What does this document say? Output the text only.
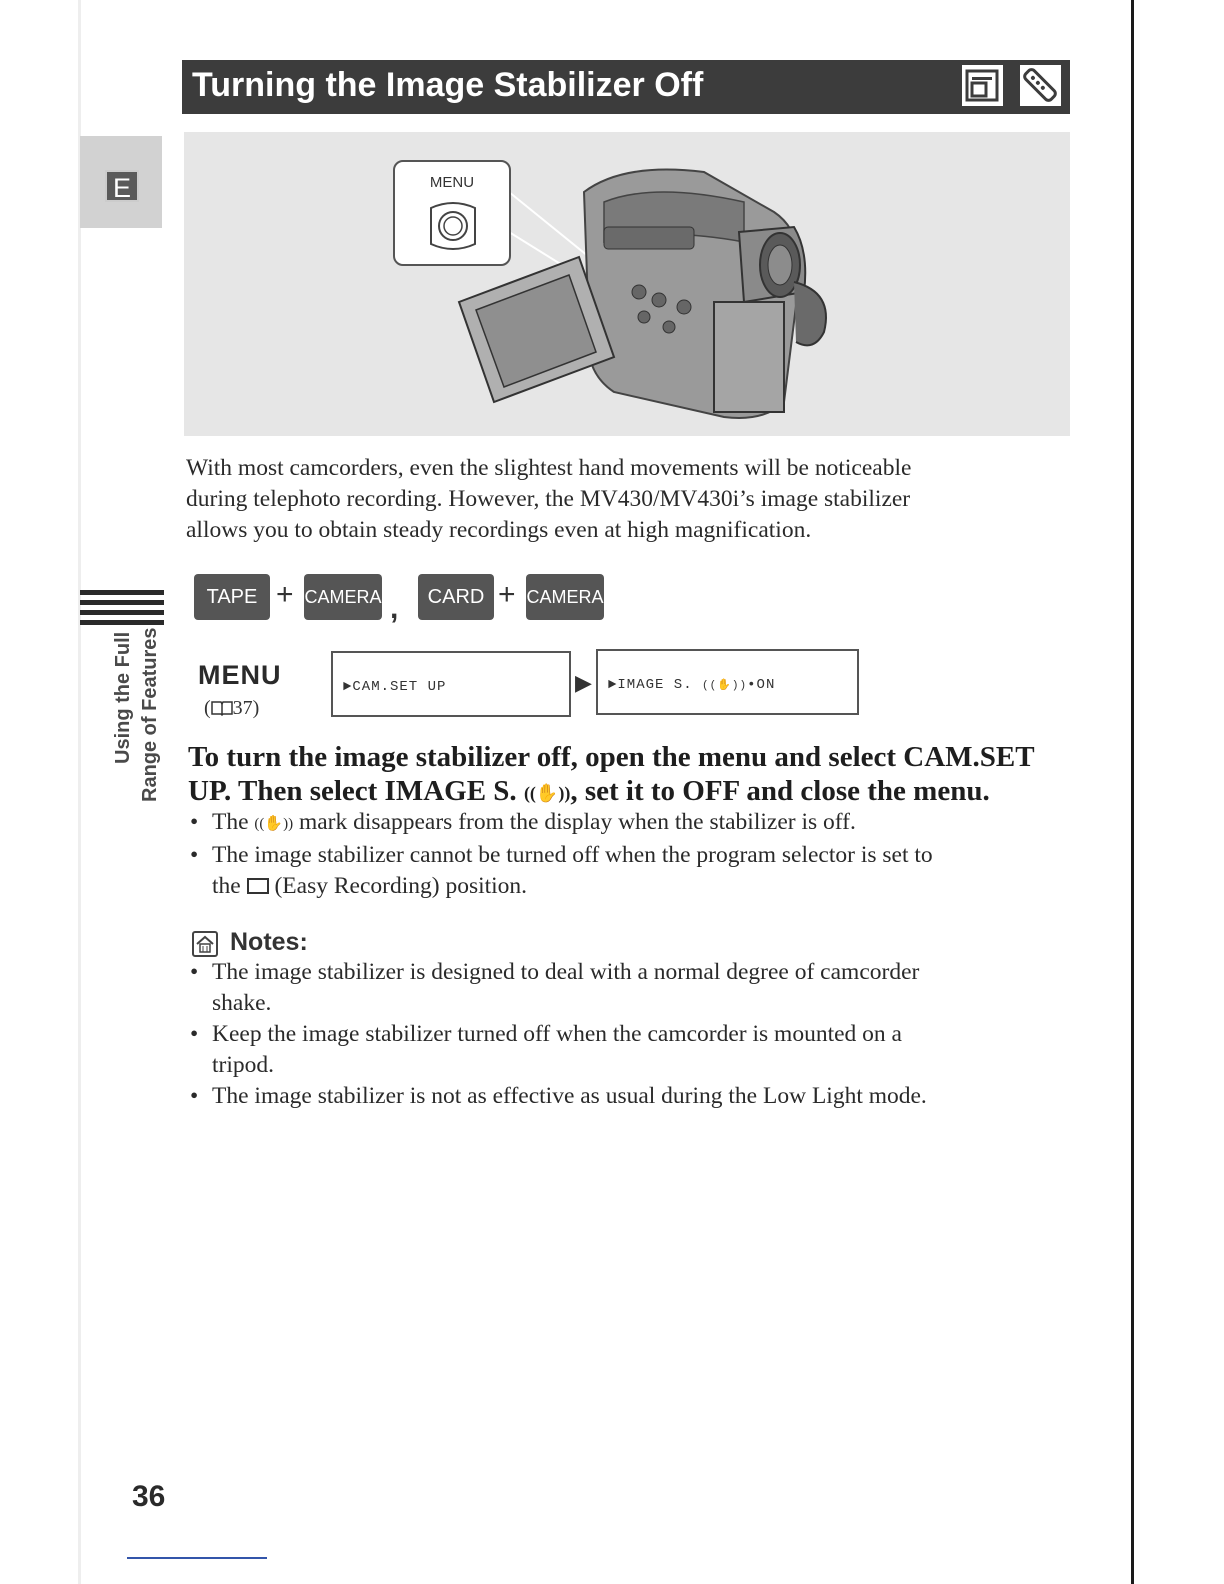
E
Turning the Image Stabilizer Off
MENU
With most camcorders, even the slightest hand movements will be noticeable
during telephoto recording. However, the MV430/MV430i’s image stabilizer
allows you to obtain steady recordings even at high magnification.
Using the Full Range of Features
TAPE + CAMERA ,	CARD + CAMERA
MENU
( 37)
►CAM.SET UP	▶	►IMAGE S. ((✋))•ON
To turn the image stabilizer off, open the menu and select CAM.SET
UP. Then select IMAGE S. ((✋)), set it to OFF and close the menu.
• The ((✋)) mark disappears from the display when the stabilizer is off.
• The image stabilizer cannot be turned off when the program selector is set to
the (Easy Recording) position.
Notes:
• The image stabilizer is designed to deal with a normal degree of camcorder
shake.
• Keep the image stabilizer turned off when the camcorder is mounted on a
tripod.
• The image stabilizer is not as effective as usual during the Low Light mode.
36
